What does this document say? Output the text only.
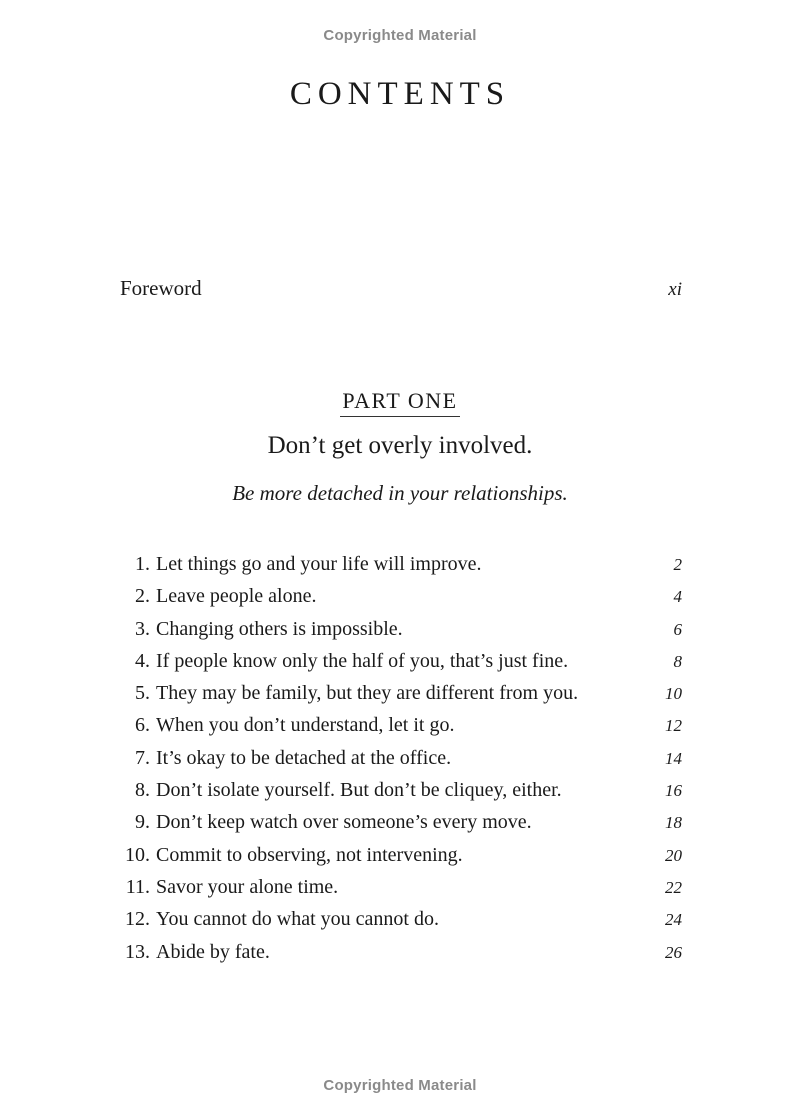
Copyrighted Material
CONTENTS
Foreword	xi
PART ONE
Don’t get overly involved.

Be more detached in your relationships.

1. Let things go and your life will improve.	2
2. Leave people alone.	4
3. Changing others is impossible.	6
4. If people know only the half of you, that’s just fine.	8
5. They may be family, but they are different from you.	10
6. When you don’t understand, let it go.	12
7. It’s okay to be detached at the office.	14
8. Don’t isolate yourself. But don’t be cliquey, either.	16
9. Don’t keep watch over someone’s every move.	18
10. Commit to observing, not intervening.	20
11. Savor your alone time.	22
12. You cannot do what you cannot do.	24
13. Abide by fate.	26
Copyrighted Material
